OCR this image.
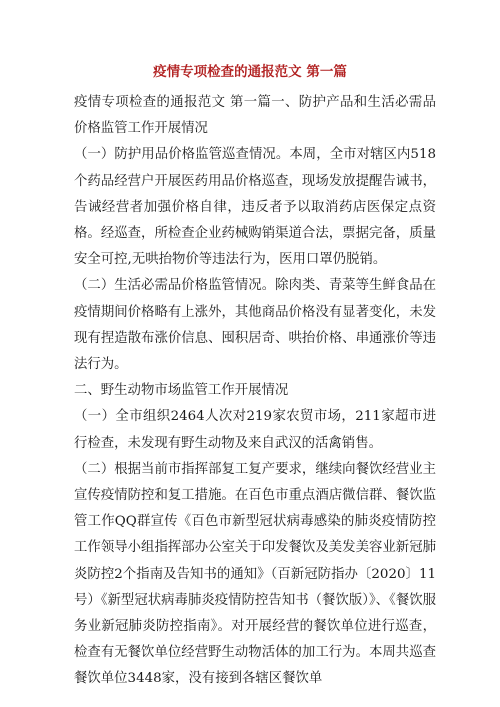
疫情专项检查的通报范文 第一篇

疫情专项检查的通报范文 第一篇一、防护产品和生活必需品价格监管工作开展情况

（一）防护用品价格监管巡查情况。本周，全市对辖区内518个药品经营户开展医药用品价格巡查，现场发放提醒告诫书，告诫经营者加强价格自律，违反者予以取消药店医保定点资格。经巡查，所检查企业药械购销渠道合法，票据完备，质量安全可控,无哄抬物价等违法行为，医用口罩仍脱销。

（二）生活必需品价格监管情况。除肉类、青菜等生鲜食品在疫情期间价格略有上涨外，其他商品价格没有显著变化，未发现有捏造散布涨价信息、囤积居奇、哄抬价格、串通涨价等违法行为。

二、野生动物市场监管工作开展情况

（一）全市组织2464人次对219家农贸市场，211家超市进行检查，未发现有野生动物及来自武汉的活禽销售。

（二）根据当前市指挥部复工复产要求，继续向餐饮经营业主宣传疫情防控和复工措施。在百色市重点酒店微信群、餐饮监管工作QQ群宣传《百色市新型冠状病毒感染的肺炎疫情防控工作领导小组指挥部办公室关于印发餐饮及美发美容业新冠肺炎防控2个指南及告知书的通知》（百新冠防指办〔2020〕11号）《新型冠状病毒肺炎疫情防控告知书（餐饮版）》、《餐饮服务业新冠肺炎防控指南》。对开展经营的餐饮单位进行巡查，检查有无餐饮单位经营野生动物活体的加工行为。本周共巡查餐饮单位3448家，没有接到各辖区餐饮单
